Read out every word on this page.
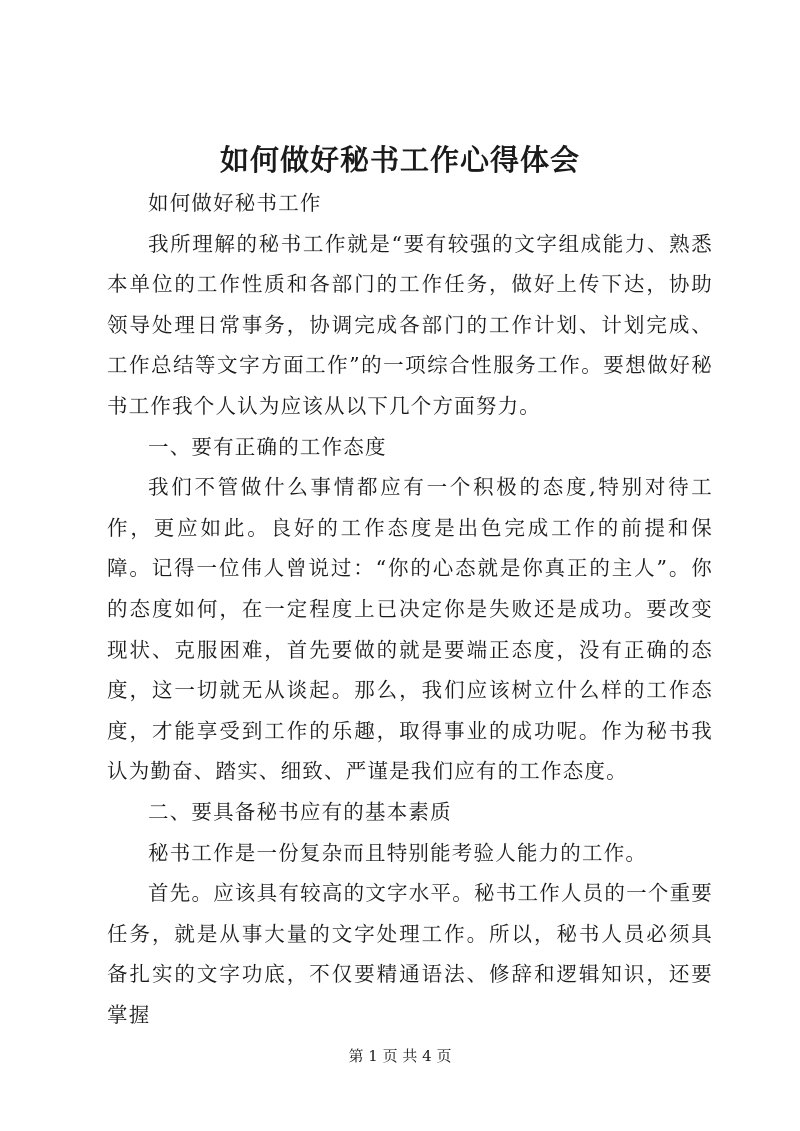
如何做好秘书工作心得体会

如何做好秘书工作

我所理解的秘书工作就是“要有较强的文字组成能力、熟悉本单位的工作性质和各部门的工作任务，做好上传下达，协助领导处理日常事务，协调完成各部门的工作计划、计划完成、工作总结等文字方面工作”的一项综合性服务工作。要想做好秘书工作我个人认为应该从以下几个方面努力。

一、要有正确的工作态度

我们不管做什么事情都应有一个积极的态度,特别对待工作，更应如此。良好的工作态度是出色完成工作的前提和保障。记得一位伟人曾说过：“你的心态就是你真正的主人”。你的态度如何，在一定程度上已决定你是失败还是成功。要改变现状、克服困难，首先要做的就是要端正态度，没有正确的态度，这一切就无从谈起。那么，我们应该树立什么样的工作态度，才能享受到工作的乐趣，取得事业的成功呢。作为秘书我认为勤奋、踏实、细致、严谨是我们应有的工作态度。

二、要具备秘书应有的基本素质

秘书工作是一份复杂而且特别能考验人能力的工作。

首先。应该具有较高的文字水平。秘书工作人员的一个重要任务，就是从事大量的文字处理工作。所以，秘书人员必须具备扎实的文字功底，不仅要精通语法、修辞和逻辑知识，还要掌握

第 1 页 共 4 页
